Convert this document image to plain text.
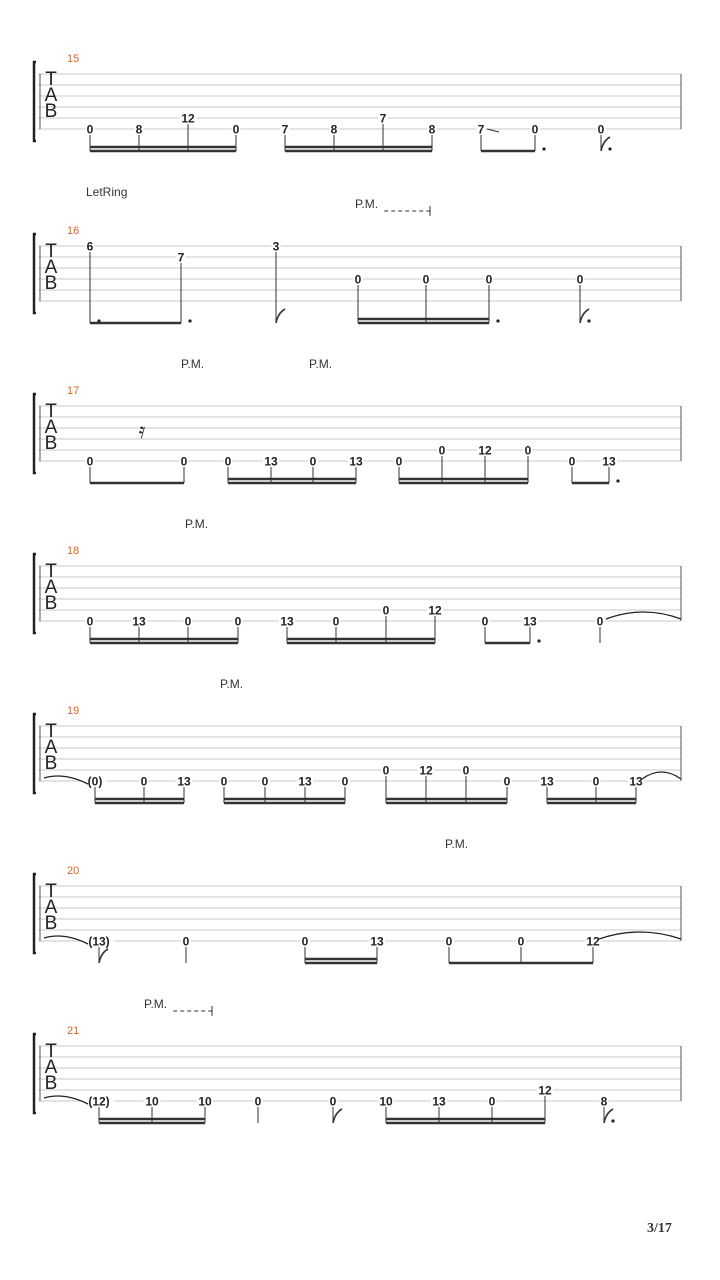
T
A
B
15
0	8
12
0	7	8
7
8	7	0	0
T
A
B
16
LetRing
P.M.
6
7
3
0	0	0	0
T
A
B
17
P.M.	P.M.
0	0	0	13	0	13	0
0	12	0
0 13
𝄿
T
A
B
18
P.M.
0	13	0	0	13	0
0	12
0	13	0
T
A
B
19
P.M.
(0)	0 13 0	0 13 0
0 12 0
0 13	0 13
T
A
B
20
P.M.
(13)	0	0	13	0	0	12
T
A
B
21
P.M.
(12)	10	10	0	0	10	13	0
12
8
3/17
